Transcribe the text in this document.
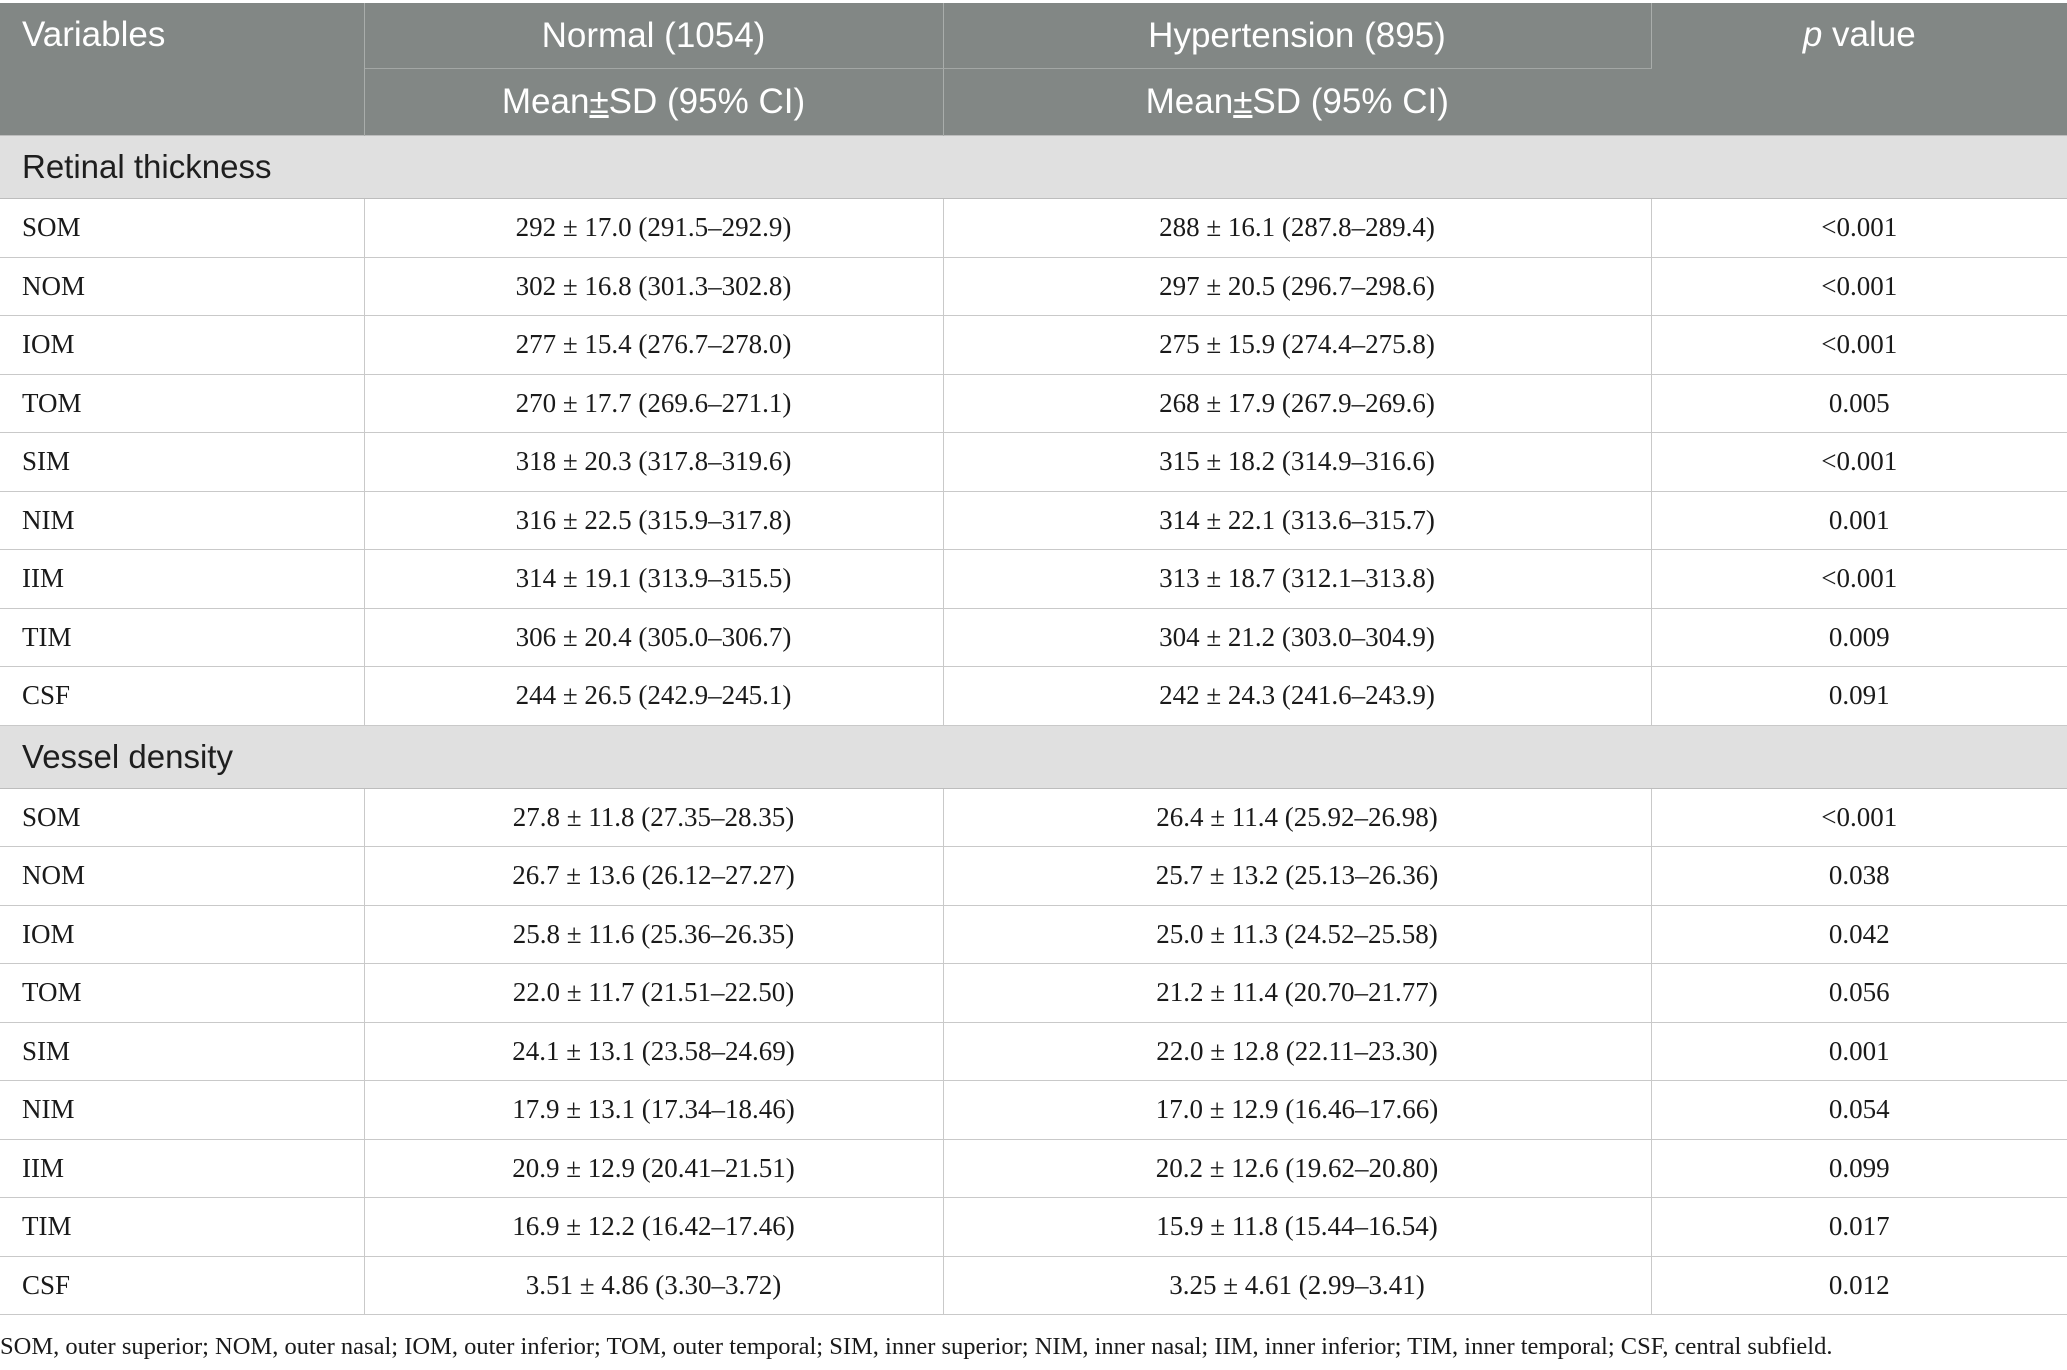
Variables	Normal (1054)	Hypertension (895)	p value
	Mean±SD (95% CI)	Mean±SD (95% CI)	
Retinal thickness			
SOM	292 ± 17.0 (291.5–292.9)	288 ± 16.1 (287.8–289.4)	<0.001
NOM	302 ± 16.8 (301.3–302.8)	297 ± 20.5 (296.7–298.6)	<0.001
IOM	277 ± 15.4 (276.7–278.0)	275 ± 15.9 (274.4–275.8)	<0.001
TOM	270 ± 17.7 (269.6–271.1)	268 ± 17.9 (267.9–269.6)	0.005
SIM	318 ± 20.3 (317.8–319.6)	315 ± 18.2 (314.9–316.6)	<0.001
NIM	316 ± 22.5 (315.9–317.8)	314 ± 22.1 (313.6–315.7)	0.001
IIM	314 ± 19.1 (313.9–315.5)	313 ± 18.7 (312.1–313.8)	<0.001
TIM	306 ± 20.4 (305.0–306.7)	304 ± 21.2 (303.0–304.9)	0.009
CSF	244 ± 26.5 (242.9–245.1)	242 ± 24.3 (241.6–243.9)	0.091
Vessel density			
SOM	27.8 ± 11.8 (27.35–28.35)	26.4 ± 11.4 (25.92–26.98)	<0.001
NOM	26.7 ± 13.6 (26.12–27.27)	25.7 ± 13.2 (25.13–26.36)	0.038
IOM	25.8 ± 11.6 (25.36–26.35)	25.0 ± 11.3 (24.52–25.58)	0.042
TOM	22.0 ± 11.7 (21.51–22.50)	21.2 ± 11.4 (20.70–21.77)	0.056
SIM	24.1 ± 13.1 (23.58–24.69)	22.0 ± 12.8 (22.11–23.30)	0.001
NIM	17.9 ± 13.1 (17.34–18.46)	17.0 ± 12.9 (16.46–17.66)	0.054
IIM	20.9 ± 12.9 (20.41–21.51)	20.2 ± 12.6 (19.62–20.80)	0.099
TIM	16.9 ± 12.2 (16.42–17.46)	15.9 ± 11.8 (15.44–16.54)	0.017
CSF	3.51 ± 4.86 (3.30–3.72)	3.25 ± 4.61 (2.99–3.41)	0.012
SOM, outer superior; NOM, outer nasal; IOM, outer inferior; TOM, outer temporal; SIM, inner superior; NIM, inner nasal; IIM, inner inferior; TIM, inner temporal; CSF, central subfield.
